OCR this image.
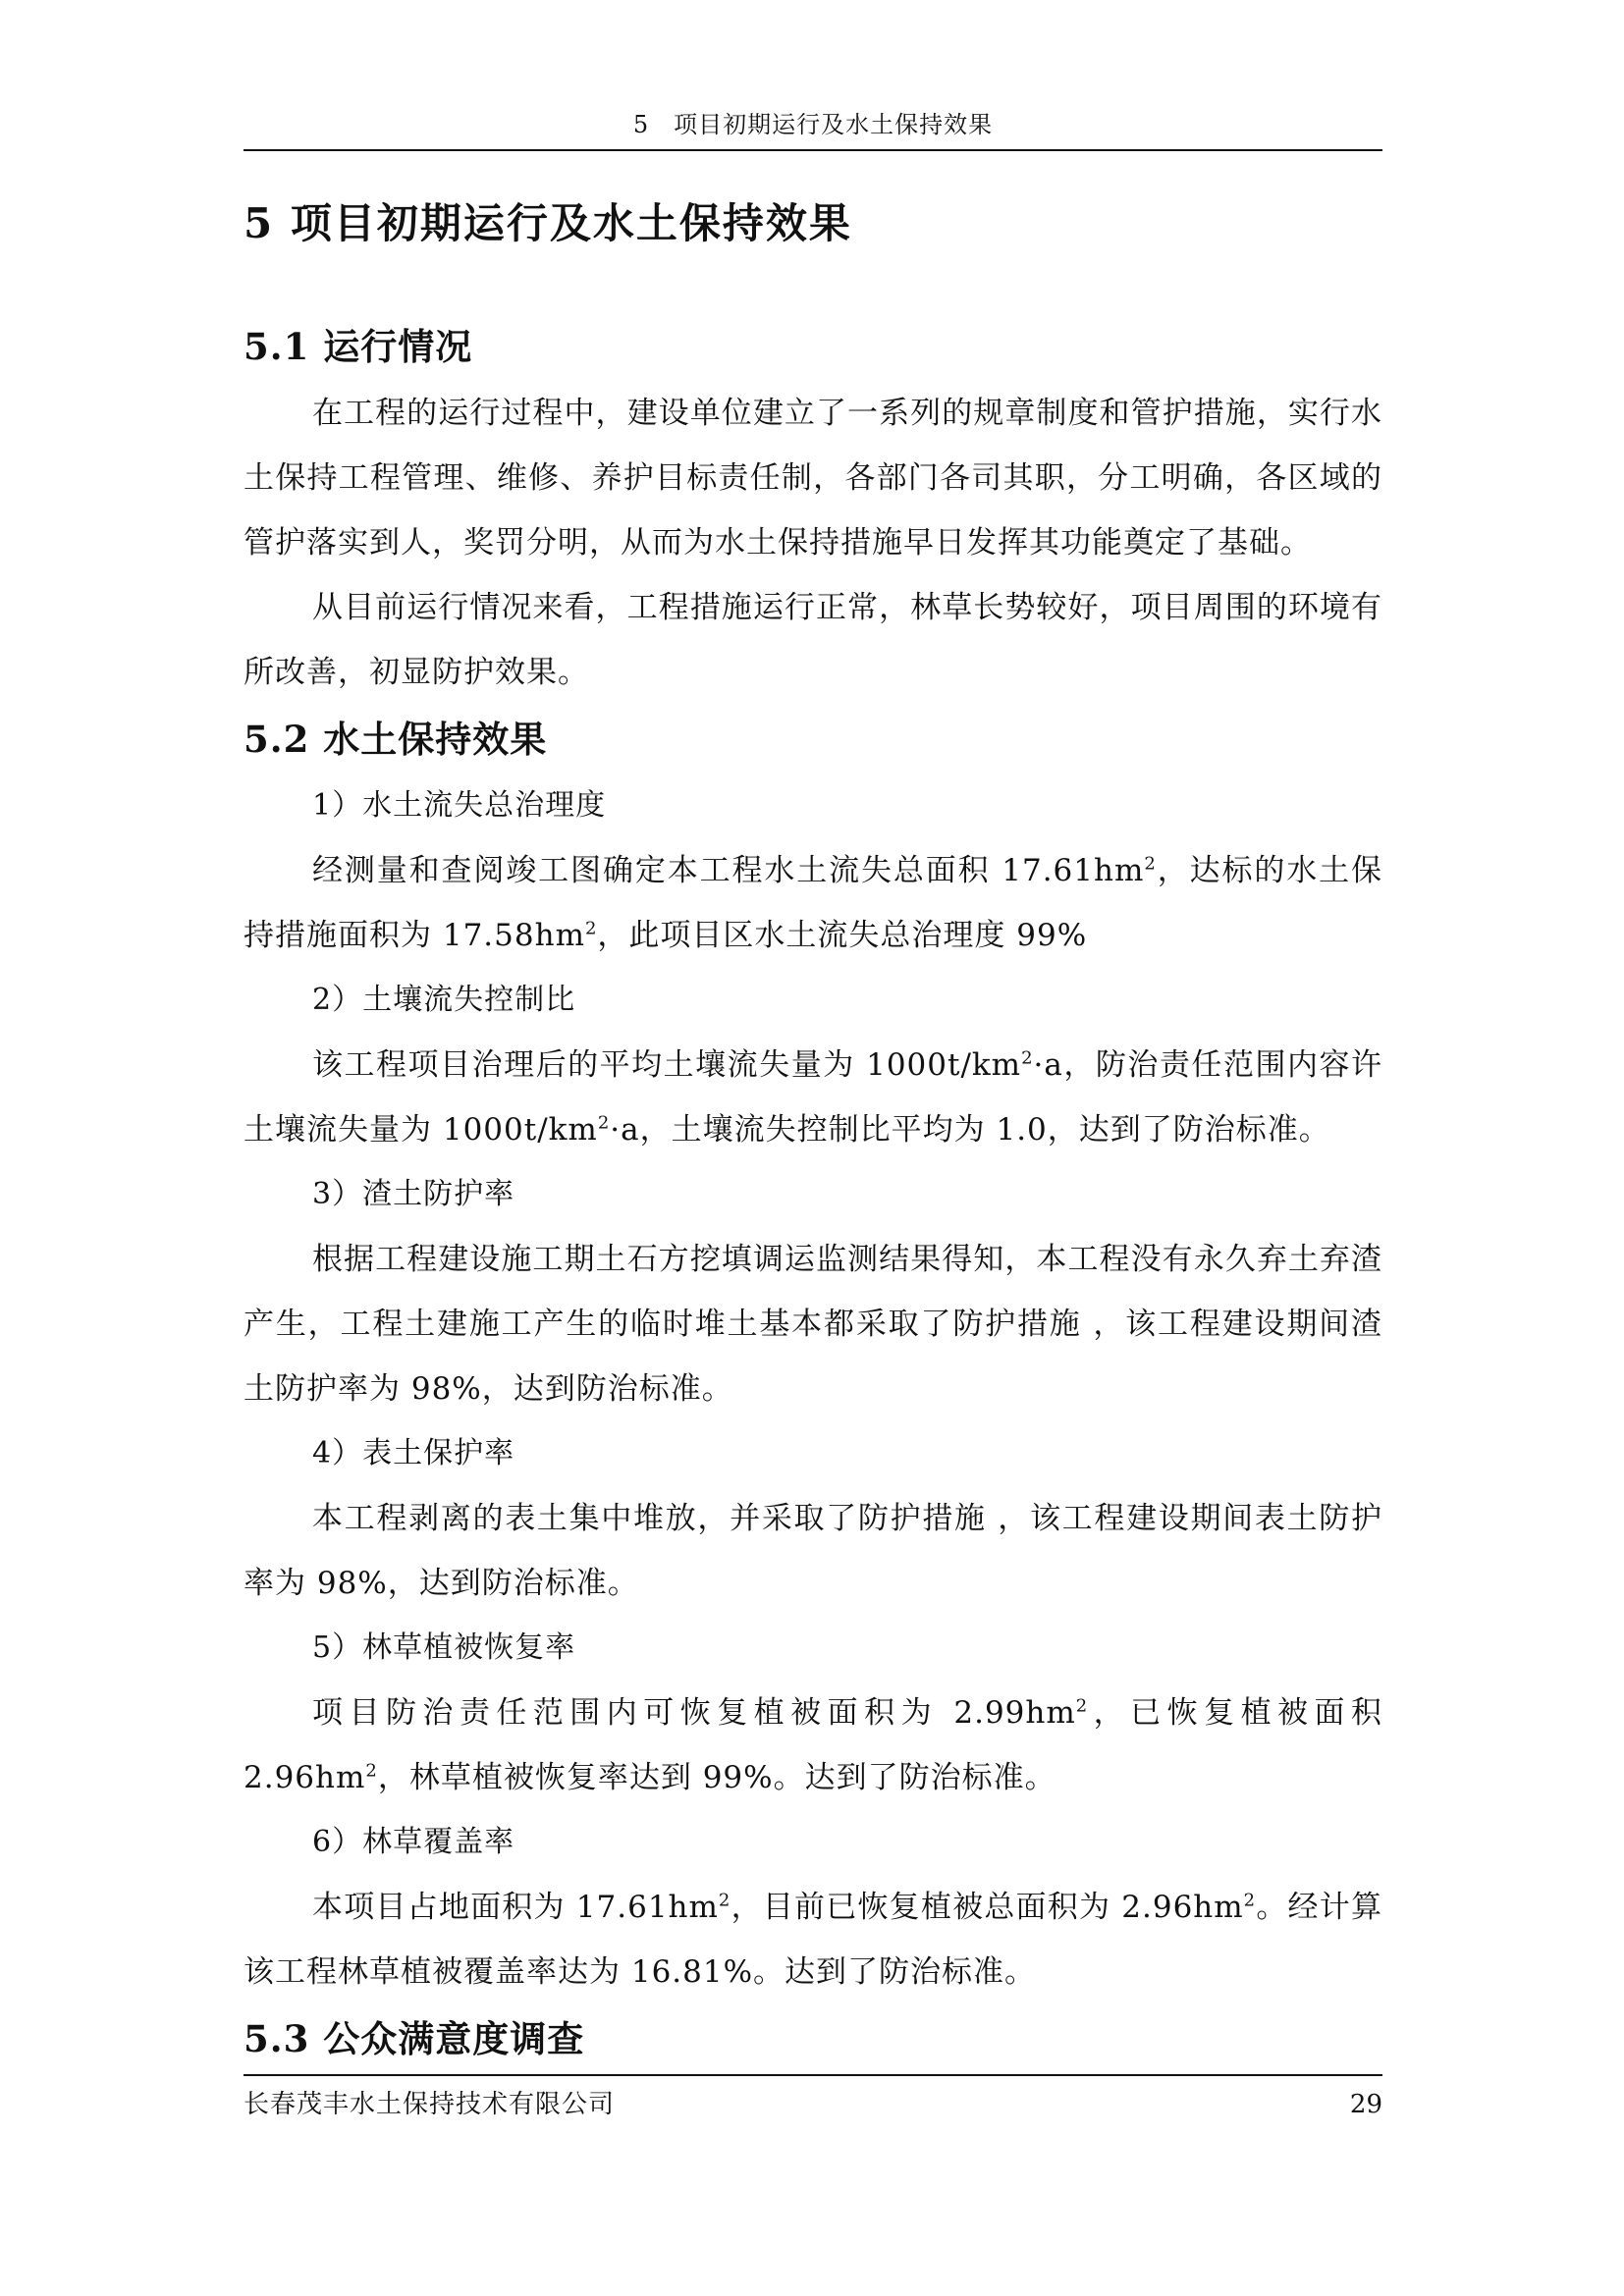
5　项目初期运行及水土保持效果
5 项目初期运行及水土保持效果
5.1 运行情况

在工程的运行过程中，建设单位建立了一系列的规章制度和管护措施，实行水土保持工程管理、维修、养护目标责任制，各部门各司其职，分工明确，各区域的管护落实到人，奖罚分明，从而为水土保持措施早日发挥其功能奠定了基础。

从目前运行情况来看，工程措施运行正常，林草长势较好，项目周围的环境有所改善，初显防护效果。

5.2 水土保持效果

1）水土流失总治理度

经测量和查阅竣工图确定本工程水土流失总面积 $17.61hm^2$，达标的水土保持措施面积为 $17.58hm^2$，此项目区水土流失总治理度 99%

2）土壤流失控制比

该工程项目治理后的平均土壤流失量为 $1000t/km^2\cdot a$，防治责任范围内容许土壤流失量为 $1000t/km^2\cdot a$，土壤流失控制比平均为 1.0，达到了防治标准。

3）渣土防护率

根据工程建设施工期土石方挖填调运监测结果得知，本工程没有永久弃土弃渣产生，工程土建施工产生的临时堆土基本都采取了防护措施 ，该工程建设期间渣土防护率为 98%，达到防治标准。

4）表土保护率

本工程剥离的表土集中堆放，并采取了防护措施 ，该工程建设期间表土防护率为 98%，达到防治标准。

5）林草植被恢复率

项目防治责任范围内可恢复植被面积为 $2.99hm^2$，已恢复植被面积 $2.96hm^2$，林草植被恢复率达到 99%。达到了防治标准。

6）林草覆盖率

本项目占地面积为 $17.61hm^2$，目前已恢复植被总面积为 $2.96hm^2$。经计算该工程林草植被覆盖率达为 16.81%。达到了防治标准。

5.3 公众满意度调查
长春茂丰水土保持技术有限公司	29
